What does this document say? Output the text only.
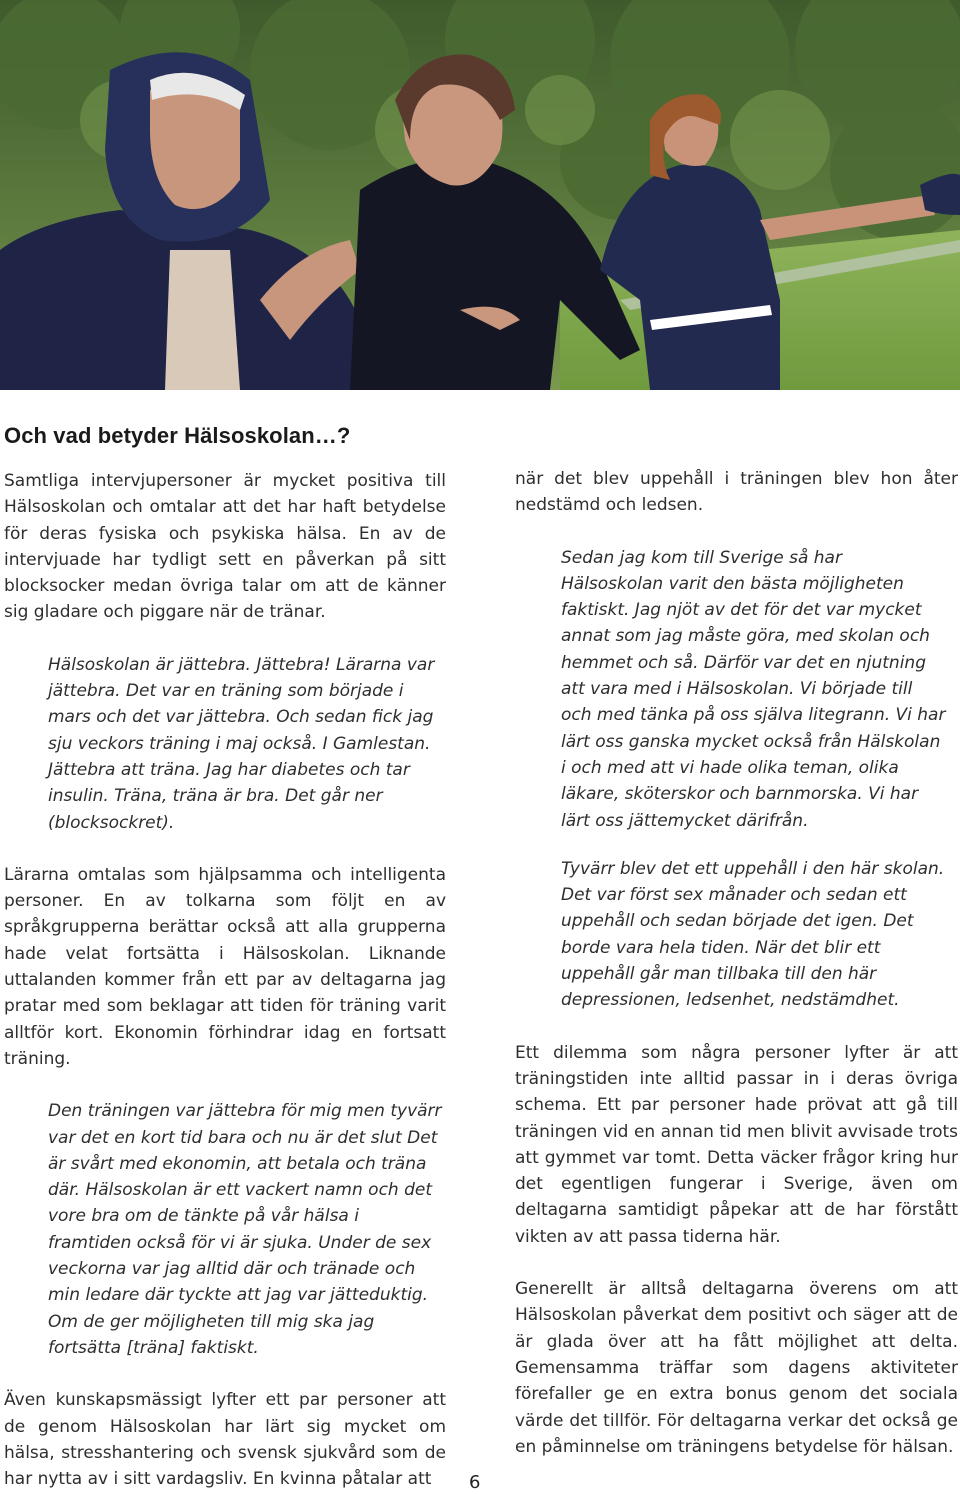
Och vad betyder Hälsoskolan…?

Samtliga intervjupersoner är mycket positiva till Hälsoskolan och omtalar att det har haft betydelse för deras fysiska och psykiska hälsa. En av de intervjuade har tydligt sett en påverkan på sitt blocksocker medan övriga talar om att de känner sig gladare och piggare när de tränar.

Hälsoskolan är jättebra. Jättebra! Lärarna var jättebra. Det var en träning som började i mars och det var jättebra. Och sedan fick jag sju veckors träning i maj också. I Gamlestan. Jättebra att träna. Jag har diabetes och tar insulin. Träna, träna är bra. Det går ner (blocksockret).

Lärarna omtalas som hjälpsamma och intelligenta personer. En av tolkarna som följt en av språkgrupperna berättar också att alla grupperna hade velat fortsätta i Hälsoskolan. Liknande uttalanden kommer från ett par av deltagarna jag pratar med som beklagar att tiden för träning varit alltför kort. Ekonomin förhindrar idag en fortsatt träning.

Den träningen var jättebra för mig men tyvärr var det en kort tid bara och nu är det slut Det är svårt med ekonomin, att betala och träna där. Hälsoskolan är ett vackert namn och det vore bra om de tänkte på vår hälsa i framtiden också för vi är sjuka. Under de sex veckorna var jag alltid där och tränade och min ledare där tyckte att jag var jätteduktig. Om de ger möjligheten till mig ska jag fortsätta [träna] faktiskt.

Även kunskapsmässigt lyfter ett par personer att de genom Hälsoskolan har lärt sig mycket om hälsa, stresshantering och svensk sjukvård som de har nytta av i sitt vardagsliv. En kvinna påtalar att

när det blev uppehåll i träningen blev hon åter nedstämd och ledsen.

Sedan jag kom till Sverige så har Hälsoskolan varit den bästa möjligheten faktiskt. Jag njöt av det för det var mycket annat som jag måste göra, med skolan och hemmet och så. Därför var det en njutning att vara med i Hälsoskolan. Vi började till och med tänka på oss själva litegrann. Vi har lärt oss ganska mycket också från Hälskolan i och med att vi hade olika teman, olika läkare, sköterskor och barnmorska. Vi har lärt oss jättemycket därifrån.

Tyvärr blev det ett uppehåll i den här skolan. Det var först sex månader och sedan ett uppehåll och sedan började det igen. Det borde vara hela tiden. När det blir ett uppehåll går man tillbaka till den här depressionen, ledsenhet, nedstämdhet.

Ett dilemma som några personer lyfter är att träningstiden inte alltid passar in i deras övriga schema. Ett par personer hade prövat att gå till träningen vid en annan tid men blivit avvisade trots att gymmet var tomt. Detta väcker frågor kring hur det egentligen fungerar i Sverige, även om deltagarna samtidigt påpekar att de har förstått vikten av att passa tiderna här.

Generellt är alltså deltagarna överens om att Hälsoskolan påverkat dem positivt och säger att de är glada över att ha fått möjlighet att delta. Gemensamma träffar som dagens aktiviteter förefaller ge en extra bonus genom det sociala värde det tillför. För deltagarna verkar det också ge en påminnelse om träningens betydelse för hälsan.

6
